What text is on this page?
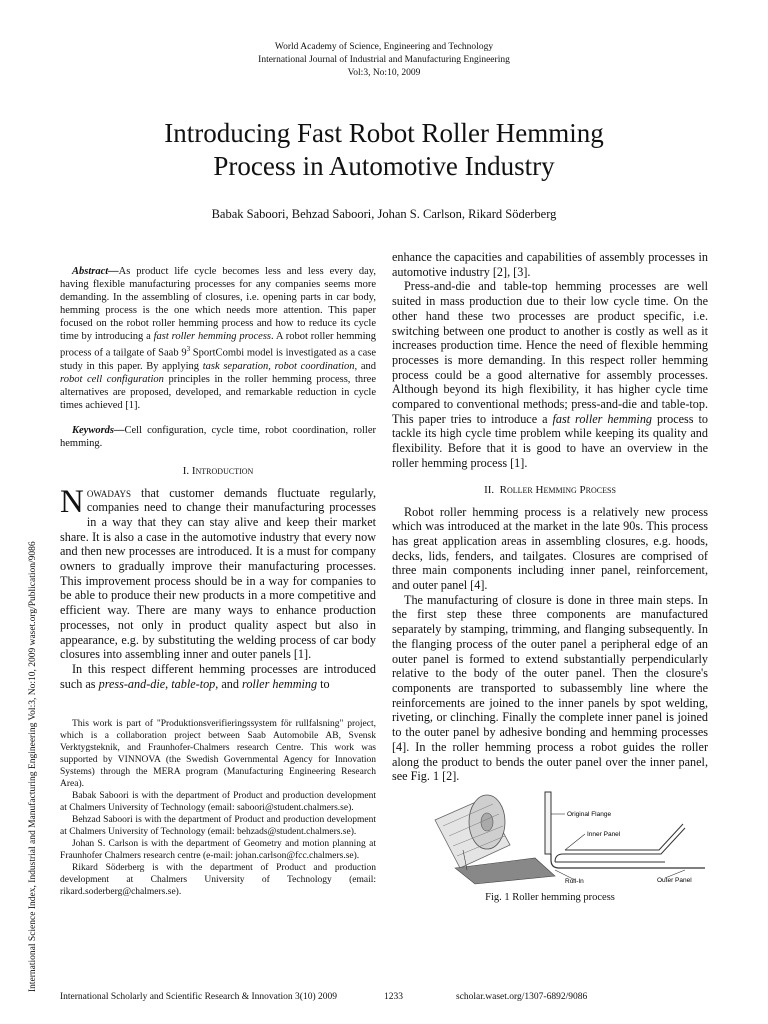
World Academy of Science, Engineering and Technology
International Journal of Industrial and Manufacturing Engineering
Vol:3, No:10, 2009
Introducing Fast Robot Roller Hemming
Process in Automotive Industry
Babak Saboori, Behzad Saboori, Johan S. Carlson, Rikard Söderberg
International Science Index, Industrial and Manufacturing Engineering Vol:3, No:10, 2009 waset.org/Publication/9086

Abstract—As product life cycle becomes less and less every day, having flexible manufacturing processes for any companies seems more demanding. In the assembling of closures, i.e. opening parts in car body, hemming process is the one which needs more attention. This paper focused on the robot roller hemming process and how to reduce its cycle time by introducing a fast roller hemming process. A robot roller hemming process of a tailgate of Saab $9^3$ SportCombi model is investigated as a case study in this paper. By applying task separation, robot coordination, and robot cell configuration principles in the roller hemming process, three alternatives are proposed, developed, and remarkable reduction in cycle times achieved [1].

Keywords—Cell configuration, cycle time, robot coordination, roller hemming.

I. Introduction

Nowadays that customer demands fluctuate regularly, companies need to change their manufacturing processes in a way that they can stay alive and keep their market share. It is also a case in the automotive industry that every now and then new processes are introduced. It is a must for company owners to gradually improve their manufacturing processes. This improvement process should be in a way for companies to be able to produce their new products in a more competitive and efficient way. There are many ways to enhance production processes, not only in product quality aspect but also in appearance, e.g. by substituting the welding process of car body closures into assembling inner and outer panels [1].

In this respect different hemming processes are introduced such as press-and-die, table-top, and roller hemming to

This work is part of "Produktionsverifieringssystem för rullfalsning" project, which is a collaboration project between Saab Automobile AB, Svensk Verktygsteknik, and Fraunhofer-Chalmers research Centre. This work was supported by VINNOVA (the Swedish Governmental Agency for Innovation Systems) through the MERA program (Manufacturing Engineering Research Area).

Babak Saboori is with the department of Product and production development at Chalmers University of Technology (email: saboori@student.chalmers.se).

Behzad Saboori is with the department of Product and production development at Chalmers University of Technology (email: behzads@student.chalmers.se).

Johan S. Carlson is with the department of Geometry and motion planning at Fraunhofer Chalmers research centre (e-mail: johan.carlson@fcc.chalmers.se).

Rikard Söderberg is with the department of Product and production development at Chalmers University of Technology (email: rikard.soderberg@chalmers.se).

enhance the capacities and capabilities of assembly processes in automotive industry [2], [3].

Press-and-die and table-top hemming processes are well suited in mass production due to their low cycle time. On the other hand these two processes are product specific, i.e. switching between one product to another is costly as well as it increases production time. Hence the need of flexible hemming processes is more demanding. In this respect roller hemming process could be a good alternative for assembly processes. Although beyond its high flexibility, it has higher cycle time compared to conventional methods; press-and-die and table-top. This paper tries to introduce a fast roller hemming process to tackle its high cycle time problem while keeping its quality and flexibility. Before that it is good to have an overview in the roller hemming process [1].

II. Roller Hemming Process

Robot roller hemming process is a relatively new process which was introduced at the market in the late 90s. This process has great application areas in assembling closures, e.g. hoods, decks, lids, fenders, and tailgates. Closures are comprised of three main components including inner panel, reinforcement, and outer panel [4].

The manufacturing of closure is done in three main steps. In the first step these three components are manufactured separately by stamping, trimming, and flanging subsequently. In the flanging process of the outer panel a peripheral edge of an outer panel is formed to extend substantially perpendicularly relative to the body of the outer panel. Then the closure's components are transported to subassembly line where the reinforcements are joined to the inner panels by spot welding, riveting, or clinching. Finally the complete inner panel is joined to the outer panel by adhesive bonding and hemming processes [4]. In the roller hemming process a robot guides the roller along the product to bends the outer panel over the inner panel, see Fig. 1 [2].

Original Flange
Inner Panel
Roll-In	Outer Panel
Fig. 1 Roller hemming process
International Scholarly and Scientific Research & Innovation 3(10) 2009	1233	scholar.waset.org/1307-6892/9086
